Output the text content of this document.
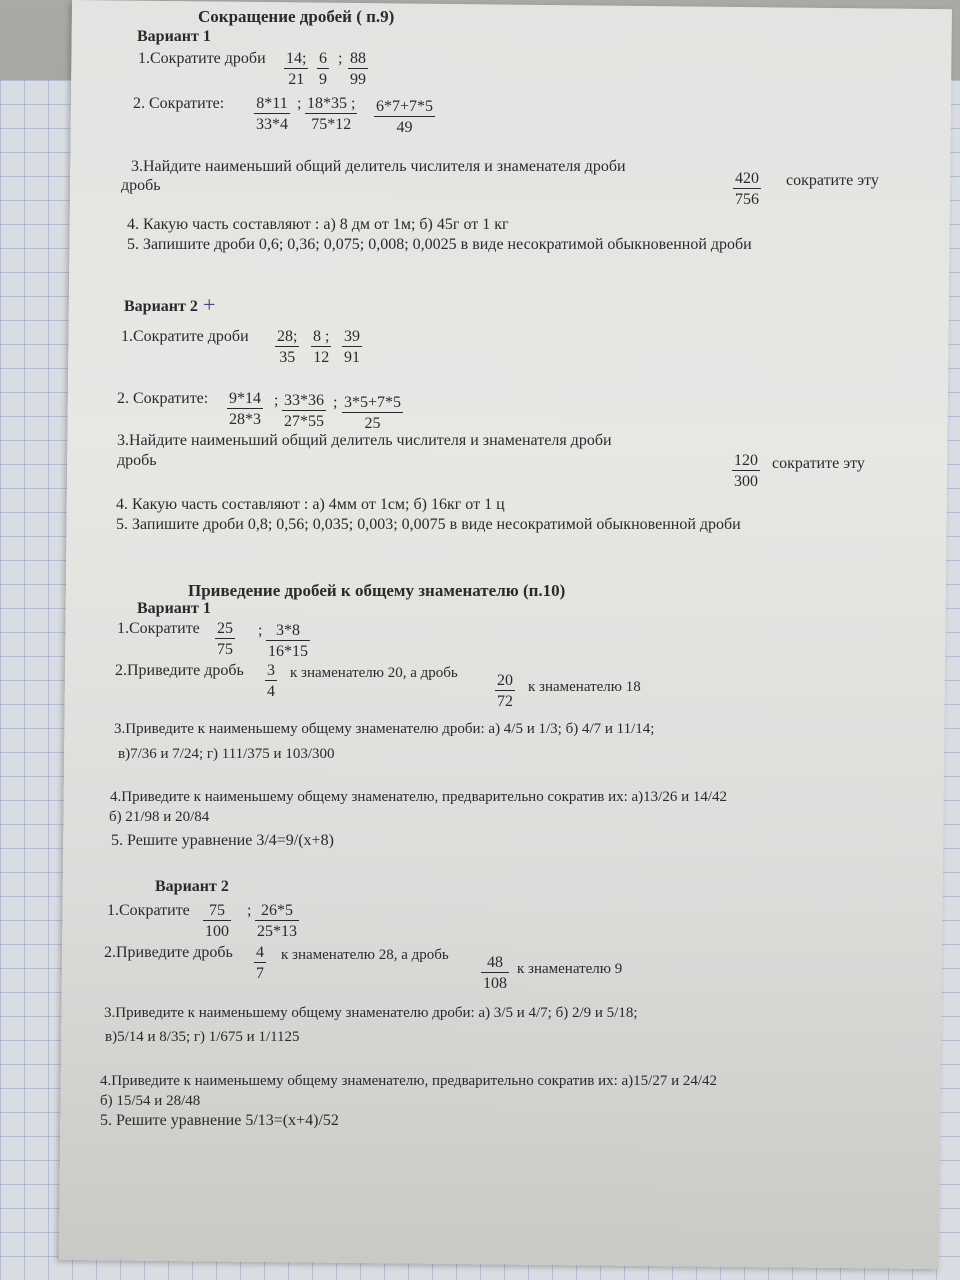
Сокращение дробей ( п.9)
Вариант 1
1.Сократите дроби $\frac{14;}{21} \frac{6}{9}$ ; $\frac{88}{99}$
2. Сократите: $\frac{8*11}{33*4}$ ; $\frac{18*35 ;}{75*12} \frac{6*7+7*5}{49}$
3.Найдите наименьший общий делитель числителя и знаменателя дроби
$\frac{420}{756}$ сократите эту
дробь
4. Какую часть составляют : а) 8 дм от 1м; б) 45г от 1 кг
5. Запишите дроби 0,6; 0,36; 0,075; 0,008; 0,0025 в виде несократимой обыкновенной дроби
Вариант 2 +
1.Сократите дроби $\frac{28;}{35} \frac{8 ;}{12} \frac{39}{91}$
2. Сократите: $\frac{9*14}{28*3}$ ; $\frac{33*36}{27*55}$ ; $\frac{3*5+7*5}{25}$
3.Найдите наименьший общий делитель числителя и знаменателя дроби
$\frac{120}{300}$ сократите эту
дробь
4. Какую часть составляют : а) 4мм от 1см; б) 16кг от 1 ц
5. Запишите дроби 0,8; 0,56; 0,035; 0,003; 0,0075 в виде несократимой обыкновенной дроби
Приведение дробей к общему знаменателю (п.10)
Вариант 1
1.Сократите $\frac{25}{75}$ ; $\frac{3*8}{16*15}$
2.Приведите дробь $\frac{3}{4}$ к знаменателю 20, а дробь $\frac{20}{72}$ к знаменателю 18
3.Приведите к наименьшему общему знаменателю дроби: а) 4/5 и 1/3; б) 4/7 и 11/14;
в)7/36 и 7/24; г) 111/375 и 103/300
4.Приведите к наименьшему общему знаменателю, предварительно сократив их: а)13/26 и 14/42
б) 21/98 и 20/84
5. Решите уравнение 3/4=9/(x+8)
Вариант 2
1.Сократите $\frac{75}{100}$ ; $\frac{26*5}{25*13}$
2.Приведите дробь $\frac{4}{7}$ к знаменателю 28, а дробь $\frac{48}{108}$ к знаменателю 9
3.Приведите к наименьшему общему знаменателю дроби: а) 3/5 и 4/7; б) 2/9 и 5/18;
в)5/14 и 8/35; г) 1/675 и 1/1125
4.Приведите к наименьшему общему знаменателю, предварительно сократив их: а)15/27 и 24/42
б) 15/54 и 28/48
5. Решите уравнение 5/13=(x+4)/52
